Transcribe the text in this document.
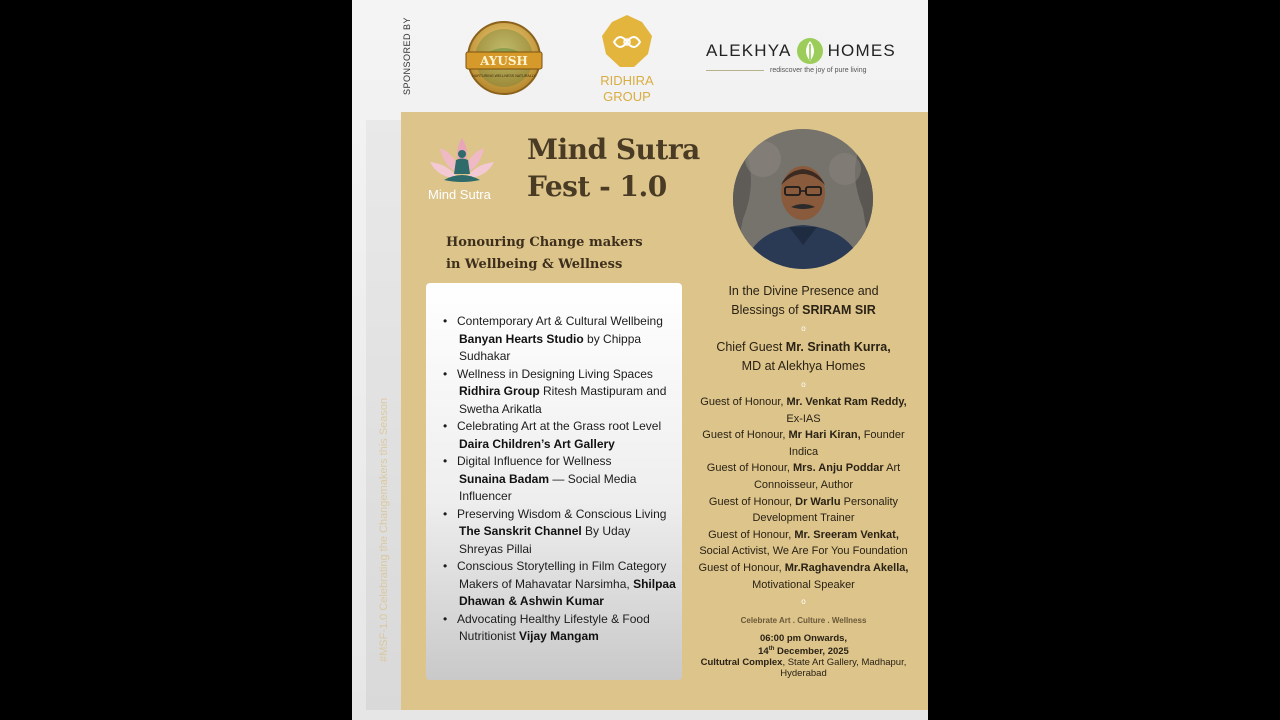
SPONSORED BY	AYUSH
NURTURING WELLNESS NATURALLY	RIDHIRA
GROUP
ALEKHYA HOMES
rediscover the joy of pure living
#MSF-1.0 Celebrating the Changemakers this Season
Mind Sutra
Mind Sutra
Fest - 1.0
Honouring Change makers
in Wellbeing & Wellness
• Contemporary Art & Cultural Wellbeing
Banyan Hearts Studio by Chippa Sudhakar
• Wellness in Designing Living Spaces
Ridhira Group Ritesh Mastipuram and Swetha Arikatla
• Celebrating Art at the Grass root Level
Daira Children’s Art Gallery
• Digital Influence for Wellness
Sunaina Badam — Social Media Influencer
• Preserving Wisdom & Conscious Living
The Sanskrit Channel By Uday Shreyas Pillai
• Conscious Storytelling in Film Category
Makers of Mahavatar Narsimha, Shilpaa Dhawan & Ashwin Kumar
• Advocating Healthy Lifestyle & Food
Nutritionist Vijay Mangam
In the Divine Presence and
Blessings of SRIRAM SIR
o
Chief Guest Mr. Srinath Kurra,
MD at Alekhya Homes
o
Guest of Honour, Mr. Venkat Ram Reddy, Ex-IAS
Guest of Honour, Mr Hari Kiran, Founder Indica
Guest of Honour, Mrs. Anju Poddar Art Connoisseur, Author
Guest of Honour, Dr Warlu Personality Development Trainer
Guest of Honour, Mr. Sreeram Venkat, Social Activist, We Are For You Foundation
Guest of Honour, Mr.Raghavendra Akella, Motivational Speaker
o
Celebrate Art . Culture . Wellness
06:00 pm Onwards,
14th December, 2025
Cultutral Complex, State Art Gallery, Madhapur, Hyderabad
